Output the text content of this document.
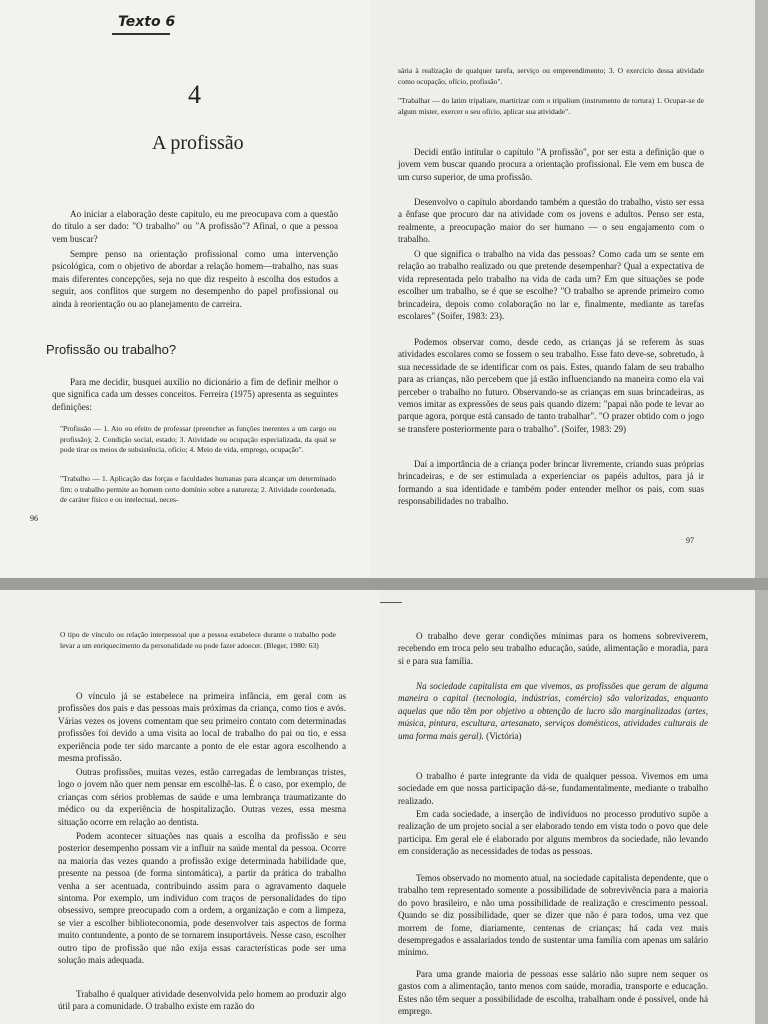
Texto 6

4

A profissão

Ao iniciar a elaboração deste capítulo, eu me preocupava com a questão do título a ser dado: "O trabalho" ou "A profissão"? Afinal, o que a pessoa vem buscar?

Sempre penso na orientação profissional como uma intervenção psicológica, com o objetivo de abordar a relação homem—trabalho, nas suas mais diferentes concepções, seja no que diz respeito à escolha dos estudos a seguir, aos conflitos que surgem no desempenho do papel profissional ou ainda à reorientação ou ao planejamento de carreira.

Profissão ou trabalho?

Para me decidir, busquei auxílio no dicionário a fim de definir melhor o que significa cada um desses conceitos. Ferreira (1975) apresenta as seguintes definições:

"Profissão — 1. Ato ou efeito de professar (preencher as funções inerentes a um cargo ou profissão); 2. Condição social, estado; 3. Atividade ou ocupação especializada, da qual se pode tirar os meios de subsistência, ofício; 4. Meio de vida, emprego, ocupação".

"Trabalho — 1. Aplicação das forças e faculdades humanas para alcançar um determinado fim: o trabalho permite ao homem certo domínio sobre a natureza; 2. Atividade coordenada, de caráter físico e ou intelectual, neces-

96

sária à realização de qualquer tarefa, serviço ou empreendimento; 3. O exercício dessa atividade como ocupação, ofício, profissão".

"Trabalhar — do latim tripaliare, martirizar com o tripalium (instrumento de tortura) 1. Ocupar-se de algum mister, exercer o seu ofício, aplicar sua atividade".

Decidi então intitular o capítulo "A profissão", por ser esta a definição que o jovem vem buscar quando procura a orientação profissional. Ele vem em busca de um curso superior, de uma profissão.

Desenvolvo o capítulo abordando também a questão do trabalho, visto ser essa a ênfase que procuro dar na atividade com os jovens e adultos. Penso ser esta, realmente, a preocupação maior do ser humano — o seu engajamento com o trabalho.

O que significa o trabalho na vida das pessoas? Como cada um se sente em relação ao trabalho realizado ou que pretende desempenhar? Qual a expectativa de vida representada pelo trabalho na vida de cada um? Em que situações se pode escolher um trabalho, se é que se escolhe? "O trabalho se aprende primeiro como brincadeira, depois como colaboração no lar e, finalmente, mediante as tarefas escolares" (Soifer, 1983: 23).

Podemos observar como, desde cedo, as crianças já se referem às suas atividades escolares como se fossem o seu trabalho. Esse fato deve-se, sobretudo, à sua necessidade de se identificar com os pais. Estes, quando falam de seu trabalho para as crianças, não percebem que já estão influenciando na maneira como ela vai perceber o trabalho no futuro. Observando-se as crianças em suas brincadeiras, as vemos imitar as expressões de seus pais quando dizem: "papai não pode te levar ao parque agora, porque está cansado de tanto trabalhar". "O prazer obtido com o jogo se transfere posteriormente para o trabalho". (Soifer, 1983: 29)

Daí a importância de a criança poder brincar livremente, criando suas próprias brincadeiras, e de ser estimulada a experienciar os papéis adultos, para já ir formando a sua identidade e também poder entender melhor os pais, com suas responsabilidades no trabalho.

97

O tipo de vínculo ou relação interpessoal que a pessoa estabelece durante o trabalho pode levar a um enriquecimento da personalidade ou pode fazer adoecer. (Bleger, 1980: 63)

O vínculo já se estabelece na primeira infância, em geral com as profissões dos pais e das pessoas mais próximas da criança, como tios e avós. Várias vezes os jovens comentam que seu primeiro contato com determinadas profissões foi devido a uma visita ao local de trabalho do pai ou tio, e essa experiência pode ter sido marcante a ponto de ele estar agora escolhendo a mesma profissão.

Outras profissões, muitas vezes, estão carregadas de lembranças tristes, logo o jovem não quer nem pensar em escolhê-las. É o caso, por exemplo, de crianças com sérios problemas de saúde e uma lembrança traumatizante do médico ou da experiência de hospitalização. Outras vezes, essa mesma situação ocorre em relação ao dentista.

Podem acontecer situações nas quais a escolha da profissão e seu posterior desempenho possam vir a influir na saúde mental da pessoa. Ocorre na maioria das vezes quando a profissão exige determinada habilidade que, presente na pessoa (de forma sintomática), a partir da prática do trabalho venha a ser acentuada, contribuindo assim para o agravamento daquele sintoma. Por exemplo, um indivíduo com traços de personalidades do tipo obsessivo, sempre preocupado com a ordem, a organização e com a limpeza, se vier a escolher biblioteconomia, pode desenvolver tais aspectos de forma muito contundente, a ponto de se tornarem insuportáveis. Nesse caso, escolher outro tipo de profissão que não exija essas características pode ser uma solução mais adequada.

Trabalho é qualquer atividade desenvolvida pelo homem ao produzir algo útil para a comunidade. O trabalho existe em razão do

O trabalho deve gerar condições mínimas para os homens sobreviverem, recebendo em troca pelo seu trabalho educação, saúde, alimentação e moradia, para si e para sua família.

Na sociedade capitalista em que vivemos, as profissões que geram de alguma maneira o capital (tecnologia, indústrias, comércio) são valorizadas, enquanto aquelas que não têm por objetivo a obtenção de lucro são marginalizadas (artes, música, pintura, escultura, artesanato, serviços domésticos, atividades culturais de uma forma mais geral). (Victória)

O trabalho é parte integrante da vida de qualquer pessoa. Vivemos em uma sociedade em que nossa participação dá-se, fundamentalmente, mediante o trabalho realizado.

Em cada sociedade, a inserção de indivíduos no processo produtivo supõe a realização de um projeto social a ser elaborado tendo em vista todo o povo que dele participa. Em geral ele é elaborado por alguns membros da sociedade, não levando em consideração as necessidades de todas as pessoas.

Temos observado no momento atual, na sociedade capitalista dependente, que o trabalho tem representado somente a possibilidade de sobrevivência para a maioria do povo brasileiro, e não uma possibilidade de realização e crescimento pessoal. Quando se diz possibilidade, quer se dizer que não é para todos, uma vez que morrem de fome, diariamente, centenas de crianças; há cada vez mais desempregados e assalariados tendo de sustentar uma família com apenas um salário mínimo.

Para uma grande maioria de pessoas esse salário não supre nem sequer os gastos com a alimentação, tanto menos com saúde, moradia, transporte e educação. Estes não têm sequer a possibilidade de escolha, trabalham onde é possível, onde há emprego.
